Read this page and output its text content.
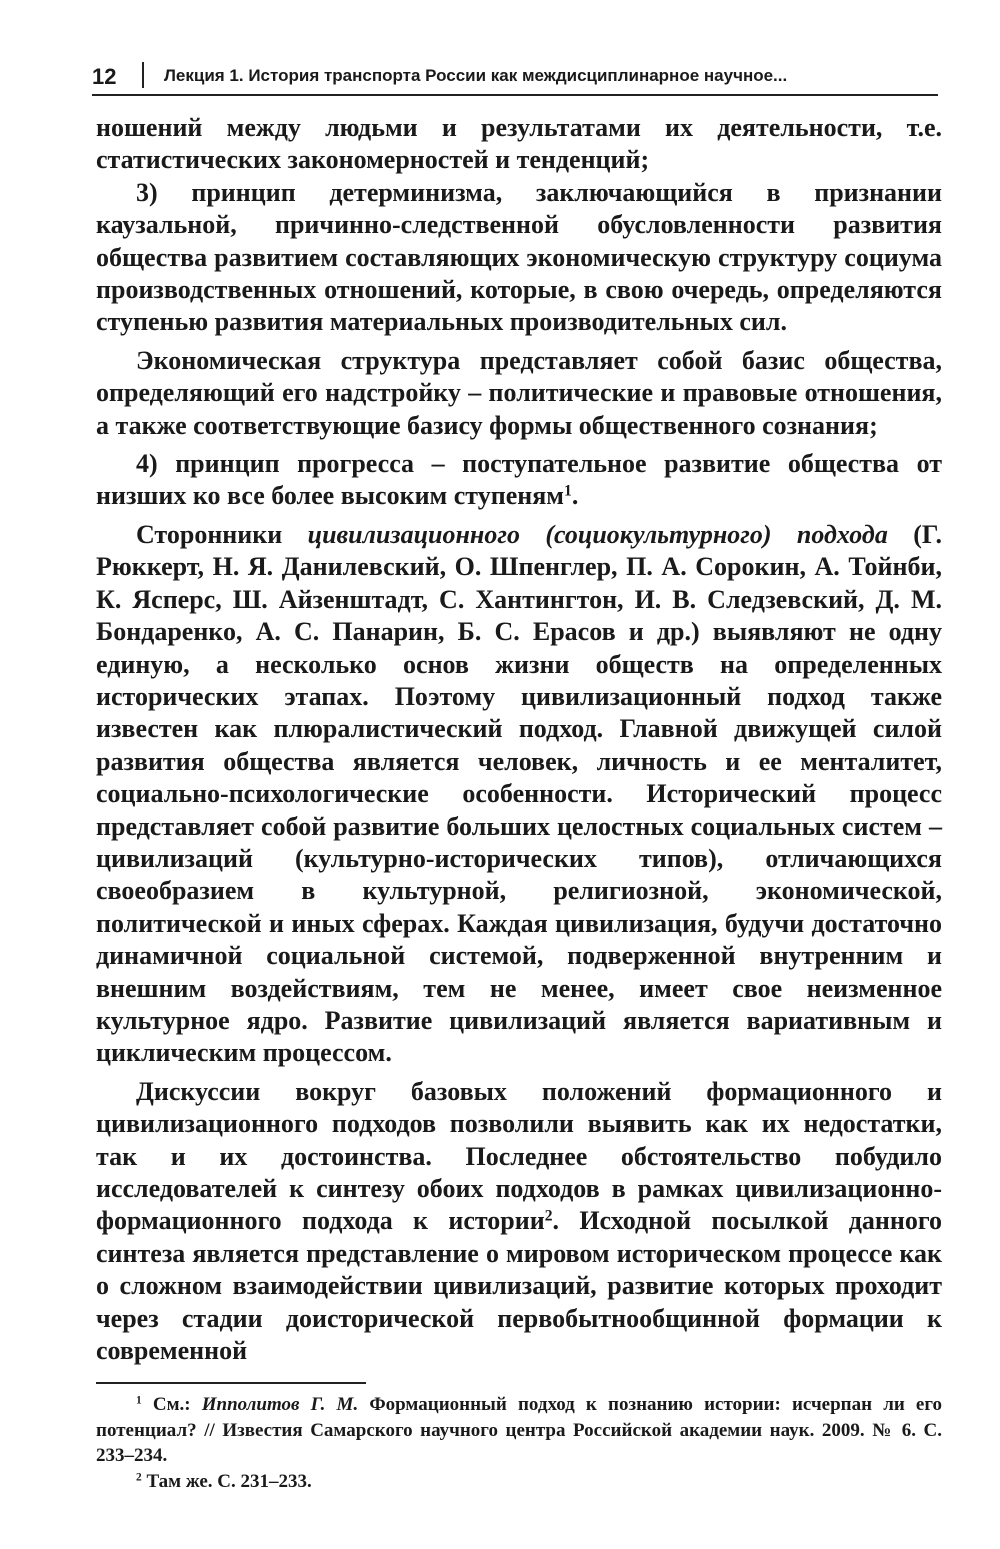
12	Лекция 1. История транспорта России как междисциплинарное научное...

ношений между людьми и результатами их деятельности, т.е. статистических закономерностей и тенденций;

3) принцип детерминизма, заключающийся в признании каузальной, причинно-следственной обусловленности развития общества развитием составляющих экономическую структуру социума производственных отношений, которые, в свою очередь, определяются ступенью развития материальных производительных сил.

Экономическая структура представляет собой базис общества, определяющий его надстройку – политические и правовые отношения, а также соответствующие базису формы общественного сознания;

4) принцип прогресса – поступательное развитие общества от низших ко все более высоким ступеням$^1$.

Сторонники цивилизационного (социокультурного) подхода (Г. Рюккерт, Н. Я. Данилевский, О. Шпенглер, П. А. Сорокин, А. Тойнби, К. Ясперс, Ш. Айзенштадт, С. Хантингтон, И. В. Следзевский, Д. М. Бондаренко, А. С. Панарин, Б. С. Ерасов и др.) выявляют не одну единую, а несколько основ жизни обществ на определенных исторических этапах. Поэтому цивилизационный подход также известен как плюралистический подход. Главной движущей силой развития общества является человек, личность и ее менталитет, социально-психологические особенности. Исторический процесс представляет собой развитие больших целостных социальных систем – цивилизаций (культурно-исторических типов), отличающихся своеобразием в культурной, религиозной, экономической, политической и иных сферах. Каждая цивилизация, будучи достаточно динамичной социальной системой, подверженной внутренним и внешним воздействиям, тем не менее, имеет свое неизменное культурное ядро. Развитие цивилизаций является вариативным и циклическим процессом.

Дискуссии вокруг базовых положений формационного и цивилизационного подходов позволили выявить как их недостатки, так и их достоинства. Последнее обстоятельство побудило исследователей к синтезу обоих подходов в рамках цивилизационно-формационного подхода к истории$^2$. Исходной посылкой данного синтеза является представление о мировом историческом процессе как о сложном взаимодействии цивилизаций, развитие которых проходит через стадии доисторической первобытнообщинной формации к современной

$^1$ См.: Ипполитов Г. М. Формационный подход к познанию истории: исчерпан ли его потенциал? // Известия Самарского научного центра Российской академии наук. 2009. № 6. С. 233–234.

$^2$ Там же. С. 231–233.
